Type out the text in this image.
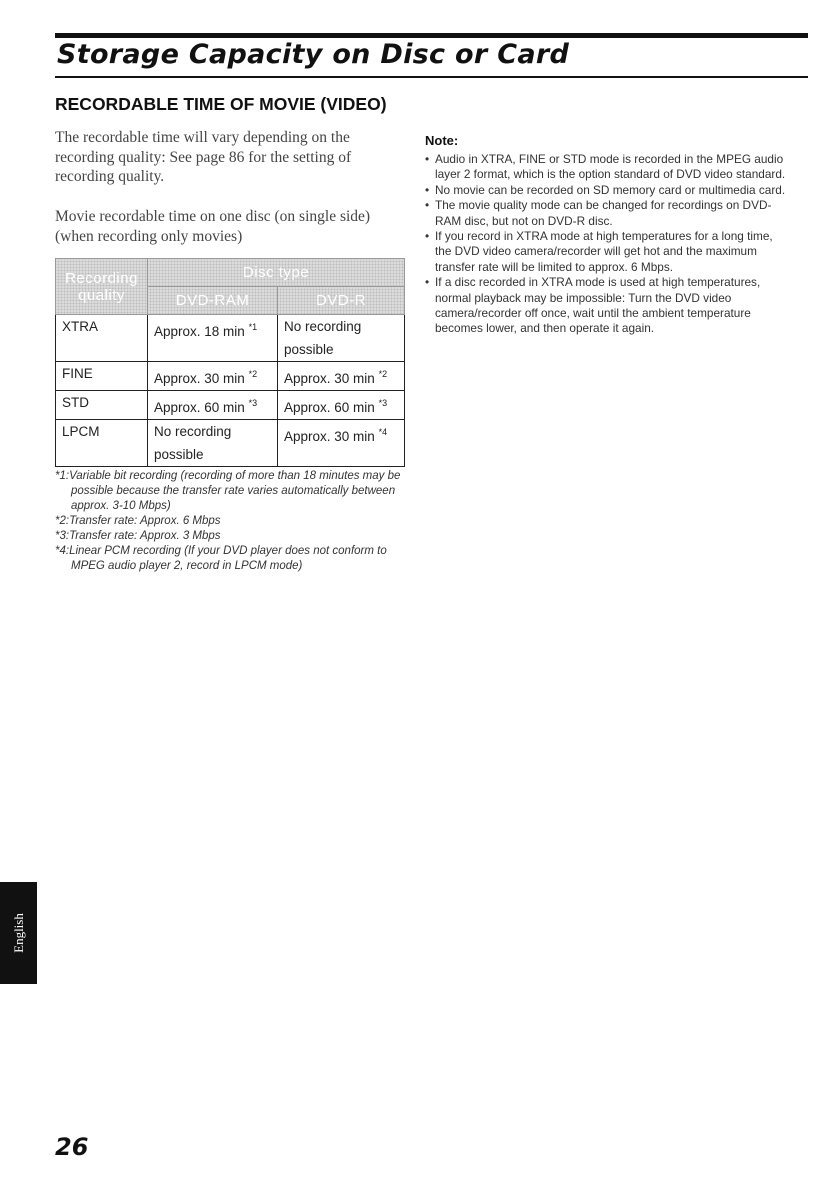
Storage Capacity on Disc or Card
RECORDABLE TIME OF MOVIE (VIDEO)

The recordable time will vary depending on the recording quality: See page 86 for the setting of recording quality.

Movie recordable time on one disc (on single side) (when recording only movies)

Recording quality	Disc type	
	DVD-RAM	DVD-R
XTRA	Approx. 18 min $^{*1}$	No recording possible
FINE	Approx. 30 min $^{*2}$	Approx. 30 min $^{*2}$
STD	Approx. 60 min $^{*3}$	Approx. 60 min $^{*3}$
LPCM	No recording possible	Approx. 30 min $^{*4}$
*1:Variable bit recording (recording of more than 18 minutes may be possible because the transfer rate varies automatically between approx. 3-10 Mbps)
*2:Transfer rate: Approx. 6 Mbps
*3:Transfer rate: Approx. 3 Mbps
*4:Linear PCM recording (If your DVD player does not conform to MPEG audio player 2, record in LPCM mode)
Note:
• Audio in XTRA, FINE or STD mode is recorded in the MPEG audio layer 2 format, which is the option standard of DVD video standard.
• No movie can be recorded on SD memory card or multimedia card.
• The movie quality mode can be changed for recordings on DVD-RAM disc, but not on DVD-R disc.
• If you record in XTRA mode at high temperatures for a long time, the DVD video camera/recorder will get hot and the maximum transfer rate will be limited to approx. 6 Mbps.
• If a disc recorded in XTRA mode is used at high temperatures, normal playback may be impossible: Turn the DVD video camera/recorder off once, wait until the ambient temperature becomes lower, and then operate it again.
English
26
